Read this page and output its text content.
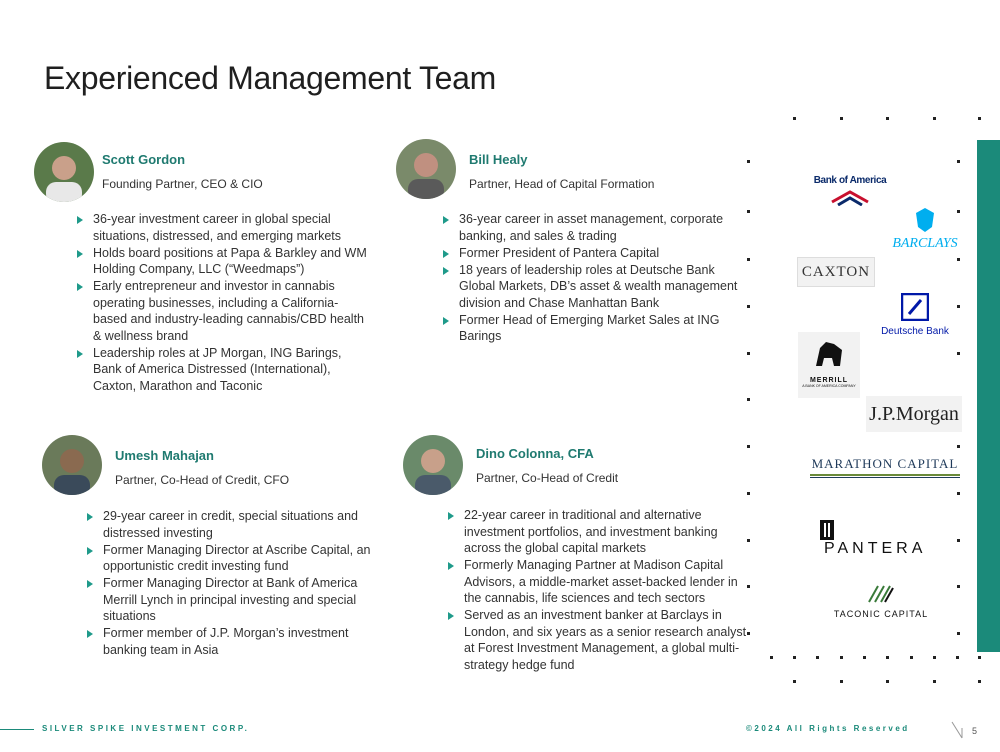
Experienced Management Team
Scott Gordon
Founding Partner, CEO & CIO
36-year investment career in global special situations, distressed, and emerging markets
Holds board positions at Papa & Barkley and WM Holding Company, LLC (“Weedmaps”)
Early entrepreneur and investor in cannabis operating businesses, including a California-based and industry-leading cannabis/CBD health & wellness brand
Leadership roles at JP Morgan, ING Barings, Bank of America Distressed (International), Caxton, Marathon and Taconic
Bill Healy
Partner, Head of Capital Formation
36-year career in asset management, corporate banking, and sales & trading
Former President of Pantera Capital
18 years of leadership roles at Deutsche Bank Global Markets, DB’s asset & wealth management division and Chase Manhattan Bank
Former Head of Emerging Market Sales at ING Barings
Umesh Mahajan
Partner, Co-Head of Credit, CFO
29-year career in credit, special situations and distressed investing
Former Managing Director at Ascribe Capital, an opportunistic credit investing fund
Former Managing Director at Bank of America Merrill Lynch in principal investing and special situations
Former member of J.P. Morgan’s investment banking team in Asia
Dino Colonna, CFA
Partner, Co-Head of Credit
22-year career in traditional and alternative investment portfolios, and investment banking across the global capital markets
Formerly Managing Partner at Madison Capital Advisors, a middle-market asset-backed lender in the cannabis, life sciences and tech sectors
Served as an investment banker at Barclays in London, and six years as a senior research analyst at Forest Investment Management, a global multi-strategy hedge fund
Bank of America
BARCLAYS
CAXTON
Deutsche Bank
MERRILL
A BANK OF AMERICA COMPANY
J.P.Morgan
MARATHON CAPITAL
PANTERA
TACONIC CAPITAL
SILVER SPIKE INVESTMENT CORP.	©2024 All Rights Reserved	5
